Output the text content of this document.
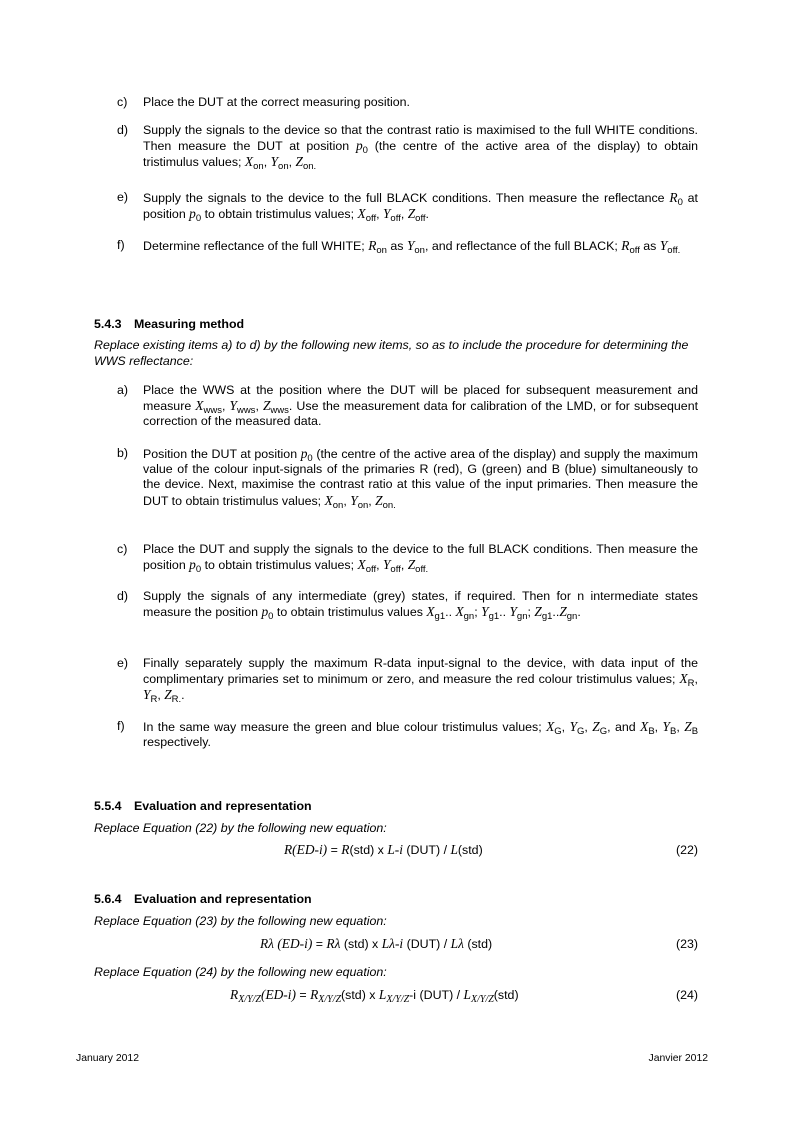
c) Place the DUT at the correct measuring position.
d) Supply the signals to the device so that the contrast ratio is maximised to the full WHITE conditions. Then measure the DUT at position $p_0$ (the centre of the active area of the display) to obtain tristimulus values; $X_{on}$, $Y_{on}$, $Z_{on.}$
e) Supply the signals to the device to the full BLACK conditions. Then measure the reflectance $R_0$ at position $p_0$ to obtain tristimulus values; $X_{off}$, $Y_{off}$, $Z_{off}$.
f) Determine reflectance of the full WHITE; $R_{on}$ as $Y_{on}$, and reflectance of the full BLACK; $R_{off}$ as $Y_{off.}$
5.4.3 Measuring method
Replace existing items a) to d) by the following new items, so as to include the procedure for determining the WWS reflectance:
a) Place the WWS at the position where the DUT will be placed for subsequent measurement and measure $X_{wws}$, $Y_{wws}$, $Z_{wws}$. Use the measurement data for calibration of the LMD, or for subsequent correction of the measured data.
b) Position the DUT at position $p_0$ (the centre of the active area of the display) and supply the maximum value of the colour input-signals of the primaries R (red), G (green) and B (blue) simultaneously to the device. Next, maximise the contrast ratio at this value of the input primaries. Then measure the DUT to obtain tristimulus values; $X_{on}$, $Y_{on}$, $Z_{on.}$
c) Place the DUT and supply the signals to the device to the full BLACK conditions. Then measure the position $p_0$ to obtain tristimulus values; $X_{off}$, $Y_{off}$, $Z_{off.}$
d) Supply the signals of any intermediate (grey) states, if required. Then for n intermediate states measure the position $p_0$ to obtain tristimulus values $X_{g1}$.. $X_{gn}$; $Y_{g1}$.. $Y_{gn}$; $Z_{g1}..Z_{gn}$.
e) Finally separately supply the maximum R-data input-signal to the device, with data input of the complimentary primaries set to minimum or zero, and measure the red colour tristimulus values; $X_R$, $Y_R$, $Z_{R.}$.
f) In the same way measure the green and blue colour tristimulus values; $X_G$, $Y_G$, $Z_G$, and $X_B$, $Y_B$, $Z_B$ respectively.
5.5.4 Evaluation and representation
Replace Equation (22) by the following new equation:
R(ED-i) = R(std) x L-i (DUT) / L(std)	(22)
5.6.4 Evaluation and representation
Replace Equation (23) by the following new equation:
Rλ (ED-i) = Rλ (std) x Lλ-i (DUT) / Lλ (std)	(23)
Replace Equation (24) by the following new equation:
$R_{X/Y/Z}(ED-i) = R_{X/Y/Z}(std)$ x $L_{X/Y/Z}-i$ $(DUT) / L_{X/Y/Z}(std)$	(24)
January 2012	Janvier 2012
